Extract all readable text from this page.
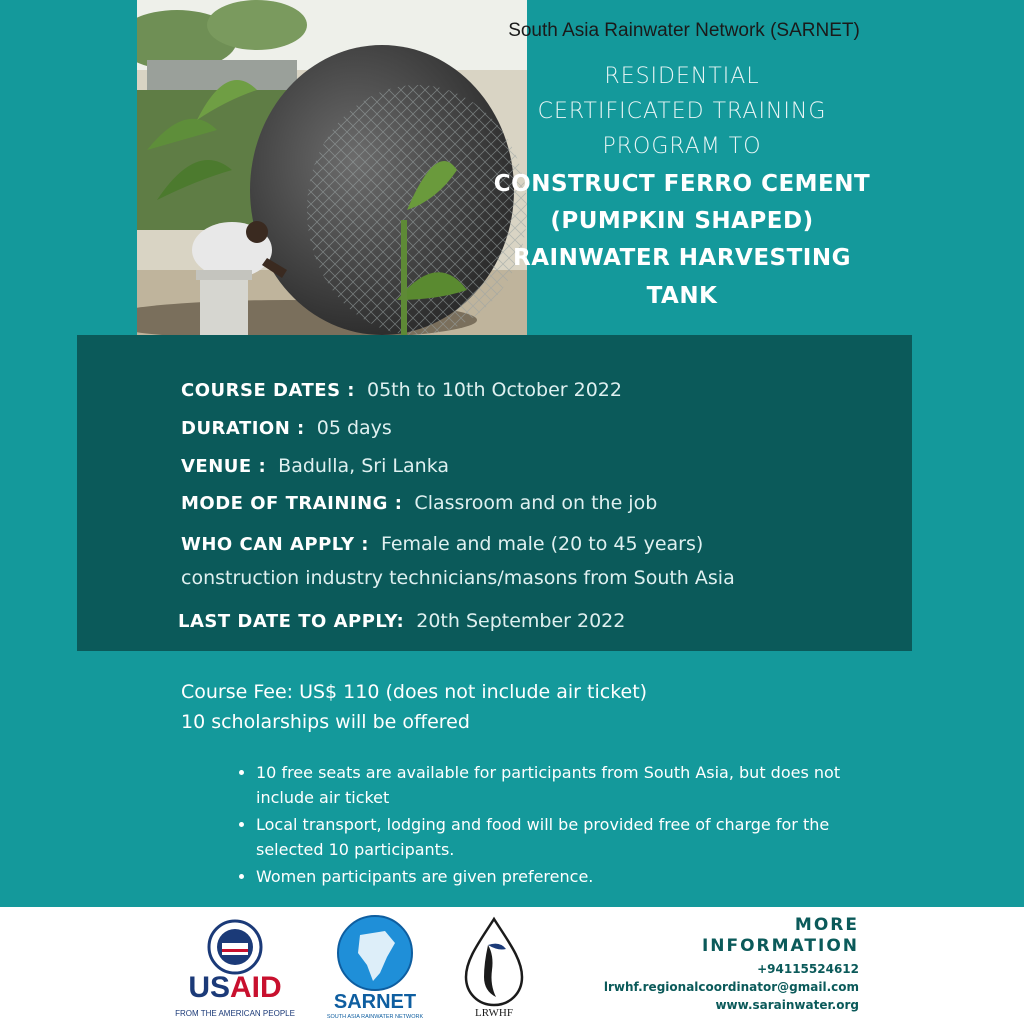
South Asia Rainwater Network (SARNET)
RESIDENTIAL
CERTIFICATED TRAINING
PROGRAM TO
CONSTRUCT FERRO CEMENT
(PUMPKIN SHAPED)
RAINWATER HARVESTING
TANK
COURSE DATES : 05th to 10th October 2022
DURATION : 05 days
VENUE : Badulla, Sri Lanka
MODE OF TRAINING : Classroom and on the job
WHO CAN APPLY : Female and male (20 to 45 years)
construction industry technicians/masons from South Asia
LAST DATE TO APPLY: 20th September 2022
Course Fee: US$ 110 (does not include air ticket)
10 scholarships will be offered
• 10 free seats are available for participants from South Asia, but does not include air ticket
• Local transport, lodging and food will be provided free of charge for the selected 10 participants.
• Women participants are given preference.
USAID
FROM THE AMERICAN PEOPLE
SARNET
SOUTH ASIA RAINWATER NETWORK	LRWHF
MORE
INFORMATION
+94115524612
lrwhf.regionalcoordinator@gmail.com
www.sarainwater.org
